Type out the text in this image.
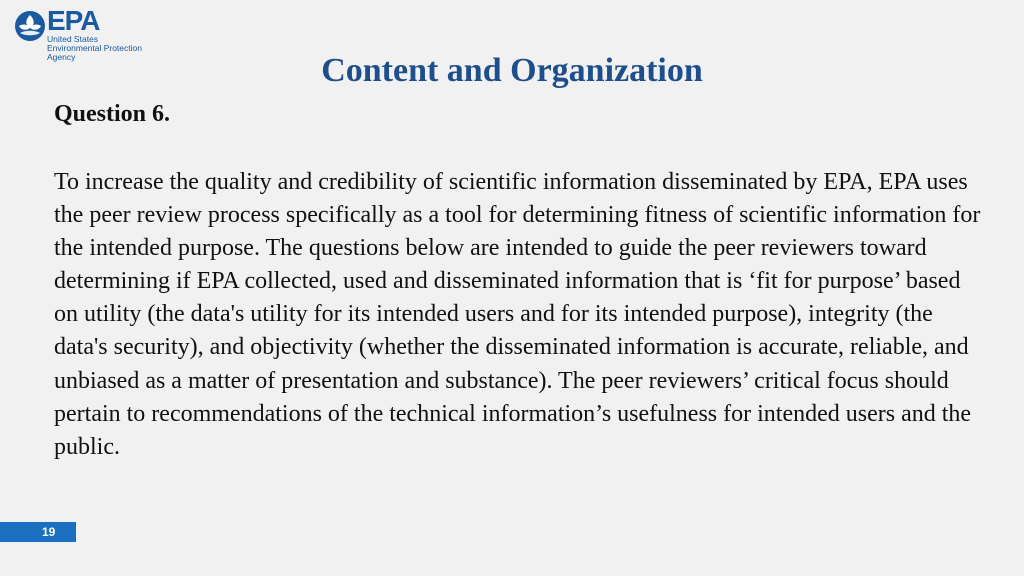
EPA
United States
Environmental Protection
Agency	Content and Organization
Question 6.

To increase the quality and credibility of scientific information disseminated by EPA, EPA uses the peer review process specifically as a tool for determining fitness of scientific information for the intended purpose. The questions below are intended to guide the peer reviewers toward determining if EPA collected, used and disseminated information that is ‘fit for purpose’ based on utility (the data's utility for its intended users and for its intended purpose), integrity (the data's security), and objectivity (whether the disseminated information is accurate, reliable, and unbiased as a matter of presentation and substance). The peer reviewers’ critical focus should pertain to recommendations of the technical information’s usefulness for intended users and the public.

19
